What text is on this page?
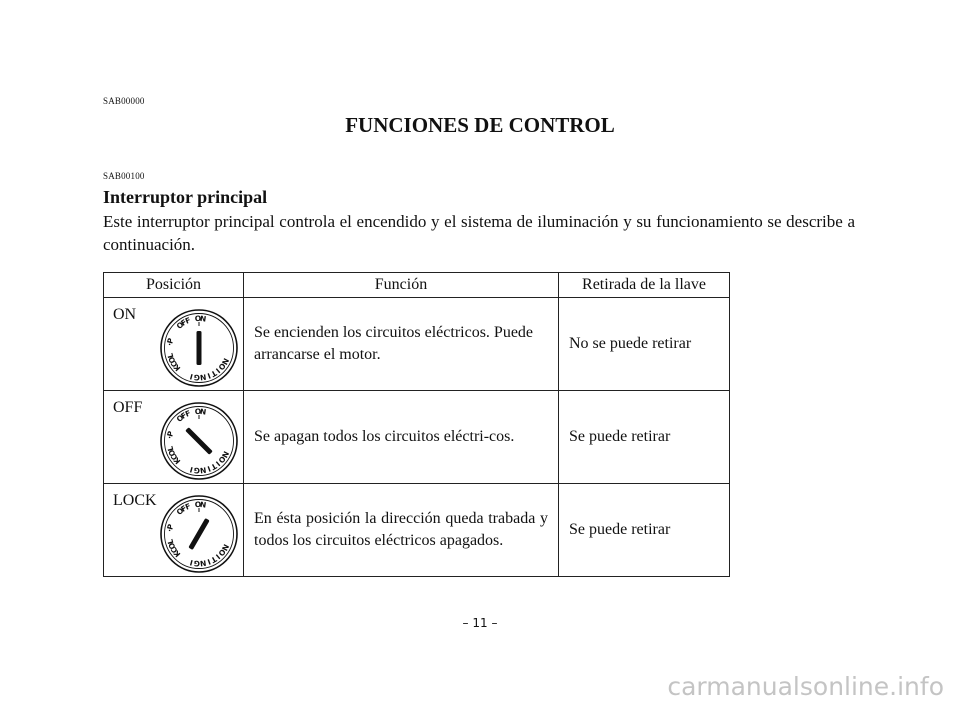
SAB00000
FUNCIONES DE CONTROL
SAB00100
Interruptor principal
Este interruptor principal controla el encendido y el sistema de iluminación y su funcionamiento se describe a continuación.
Posición	Función	Retirada de la llave

ON	Se encienden los circuitos eléctricos. Puede arrancarse el motor.	No se puede retirar

OFF	Se apagan todos los circuitos eléctri-cos.	Se puede retirar

LOCK	En ésta posición la dirección queda trabada y todos los circuitos eléctricos apagados.	Se puede retirar
– 11 –
carmanualsonline.info
